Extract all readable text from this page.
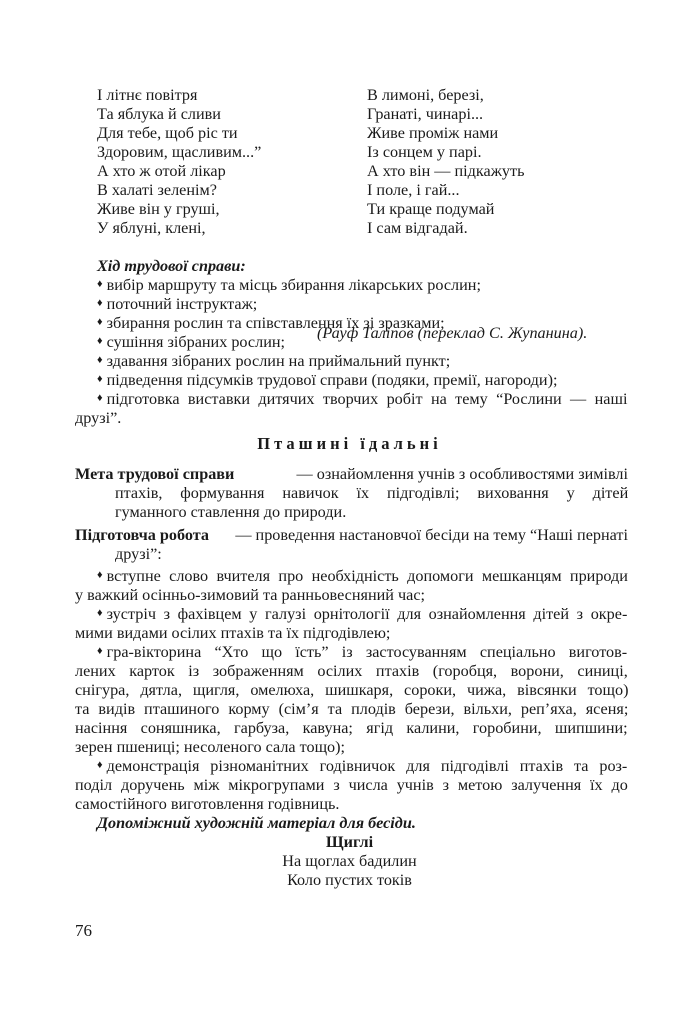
І літнє повітря
Та яблука й сливи
Для тебе, щоб ріс ти
Здоровим, щасливим...”
А хто ж отой лікар
В халаті зеленім?
Живе він у груші,
У яблуні, клені,
В лимоні, березі,
Гранаті, чинарі...
Живе проміж нами
Із сонцем у парі.
А хто він — підкажуть
І поле, і гай...
Ти краще подумай
І сам відгадай.
(Рауф Таліпов (переклад С. Жупанина).
Хід трудової справи:
♦ вибір маршруту та місць збирання лікарських рослин;
♦ поточний інструктаж;
♦ збирання рослин та співставлення їх зі зразками;
♦ сушіння зібраних рослин;
♦ здавання зібраних рослин на приймальний пункт;
♦ підведення підсумків трудової справи (подяки, премії, нагороди);
♦ підготовка виставки дитячих творчих робіт на тему “Рослини — наші
друзі”.
Пташині їдальні
Мета трудової справи	— ознайомлення учнів з особливостями зимівлі
птахів, формування навичок їх підгодівлі; виховання у дітей
гуманного ставлення до природи.
Підготовча робота — проведення настановчої бесіди на тему “Наші пернаті
друзі”:
♦ вступне слово вчителя про необхідність допомоги мешканцям природи
у важкий осінньо-зимовий та ранньовесняний час;
♦ зустріч з фахівцем у галузі орнітології для ознайомлення дітей з окре-
мими видами осілих птахів та їх підгодівлею;
♦ гра-вікторина “Хто що їсть” із застосуванням спеціально виготов-
лених карток із зображенням осілих птахів (горобця, ворони, синиці,
снігура, дятла, щигля, омелюха, шишкаря, сороки, чижа, вівсянки тощо)
та видів пташиного корму (сім’я та плодів берези, вільхи, реп’яха, ясеня;
насіння соняшника, гарбуза, кавуна; ягід калини, горобини, шипшини;
зерен пшениці; несоленого сала тощо);
♦ демонстрація різноманітних годівничок для підгодівлі птахів та роз-
поділ доручень між мікрогрупами з числа учнів з метою залучення їх до
самостійного виготовлення годівниць.
Допоміжний художній матеріал для бесіди.
Щиглі
На щоглах бадилин
Коло пустих токів
76
